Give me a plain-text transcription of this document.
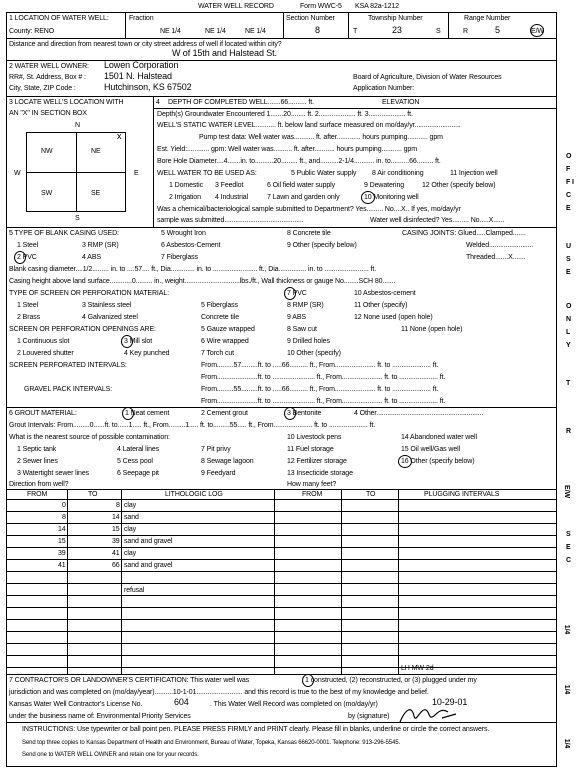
WATER WELL RECORD	Form WWC-5 KSA 82a-1212
1 LOCATION OF WATER WELL:
County: RENO
Fraction
NE 1/4	NE 1/4	NE 1/4
Section Number
8
Township Number
T	23	S
Range Number
R	5	E/W
Distance and direction from nearest town or city street address of well if located within city?
W of 15th and Halstead St.
2 WATER WELL OWNER: Lowen Corporation
RR#, St. Address, Box # : 1501 N. Halstead
City, State, ZIP Code :	Hutchinson, KS 67502
Board of Agriculture, Division of Water Resources
Application Number:
3 LOCATE WELL'S LOCATION WITH
AN "X" IN SECTION BOX
N
S
W	E
NW	NE
SW	SE
x
4 DEPTH OF COMPLETED WELL.......66.......... ft.	ELEVATION
Depth(s) Groundwater Encountered 1.......20........ ft. 2.................... ft. 3.................... ft.
WELL'S STATIC WATER LEVEL........... ft. below land surface measured on mo/day/yr.........................
Pump test data: Well water was........... ft. after............. hours pumping........... gpm
Est. Yield:............ gpm: Well water was.......... ft. after........... hours pumping........... gpm
Bore Hole Diameter....4.......in. to..........20......... ft., and..........2-1/4........... in. to..........66......... ft.
WELL WATER TO BE USED AS:	5 Public Water supply 8 Air conditioning	11 Injection well
1 Domestic 3 Feedlot	6 Oil field water supply	9 Dewatering	12 Other (specify below)
2 Irrigation 4 Industrial	7 Lawn and garden only	10 Monitoring well
Was a chemical/bacteriological sample submitted to Department? Yes......... No....X.. If yes, mo/day/yr
sample was submitted...........................................	Water well disinfected? Yes......... No.....X......
5 TYPE OF BLANK CASING USED:	5 Wrought Iron	8 Concrete tile	CASING JOINTS: Glued.....Clamped.......
1 Steel	3 RMP (SR)	6 Asbestos-Cement	9 Other (specify below)	Welded........................
2 PVC	4 ABS	7 Fiberglass	Threaded.......X.......
Blank casing diameter....1/2......... in. to ....57.... ft., Dia............. in. to ........................ ft., Dia............... in. to ........................ ft.
Casing height above land surface............0......... in., weight..............................lbs./ft., Wall thickness or gauge No........SCH 80.......
TYPE OF SCREEN OR PERFORATION MATERIAL:	7 PVC	10 Asbestos-cement
1 Steel	3 Stainless steel	5 Fiberglass	8 RMP (SR)	11 Other (specify)
2 Brass	4 Galvanized steel	Concrete tile	9 ABS	12 None used (open hole)
SCREEN OR PERFORATION OPENINGS ARE:	5 Gauze wrapped	8 Saw cut	11 None (open hole)
1 Continuous slot	3 Mill slot	6 Wire wrapped	9 Drilled holes
2 Louvered shutter	4 Key punched	7 Torch cut	10 Other (specify)
SCREEN PERFORATED INTERVALS:	From.........57.........ft. to .....66.......... ft., From...................... ft. to ..................... ft.
From......................ft. to ....................... ft., From...................... ft. to ..................... ft.
GRAVEL PACK INTERVALS:	From.........55.........ft. to .....66.......... ft., From...................... ft. to ..................... ft.
From......................ft. to ....................... ft., From...................... ft. to ..................... ft.
6 GROUT MATERIAL:	1 Neat cement	2 Cement grout	3 Bentonite	4 Other..........................................................
Grout Intervals: From.........0......ft. to......1..... ft., From.........1..... ft. to.........55..... ft., From..................... ft. to ..................... ft.
What is the nearest source of possible contamination:	10 Livestock pens	14 Abandoned water well
1 Septic tank	4 Lateral lines	7 Pit privy	11 Fuel storage	15 Oil well/Gas well
2 Sewer lines	5 Cess pool	8 Sewage lagoon	12 Fertilizer storage	16 Other (specify below)
3 Watertight sewer lines	6 Seepage pit	9 Feedyard	13 Insecticide storage
Direction from well?	How many feet?
FROM	TO	LITHOLOGIC LOG	FROM	TO	PLUGGING INTERVALS
0	8 clay
8	14 sand
14	15 clay
15	39 sand and gravel
39	41 clay
41	66 sand and gravel
refusal
LH MW-2d
7 CONTRACTOR'S OR LANDOWNER'S CERTIFICATION: This water well was	1 constructed, (2) reconstructed, or (3) plugged under my
jurisdiction and was completed on (mo/day/year)..........10-1-01......................... and this record is true to the best of my knowledge and belief.
Kansas Water Well Contractor's License No.	604	. This Water Well Record was completed on (mo/day/yr)	10-29-01
under the business name of: Environmental Priority Services	by (signature)
INSTRUCTIONS: Use typewriter or ball point pen. PLEASE PRESS FIRMLY and PRINT clearly. Please fill in blanks, underline or circle the correct answers.
Send top three copies to Kansas Department of Health and Environment, Bureau of Water, Topeka, Kansas 66620-0001. Telephone: 913-296-5545.
Send one to WATER WELL OWNER and retain one for your records.
O F F I C E
U S E
O N L Y
T
R
E/W
S E C
1/4
1/4
1/4
